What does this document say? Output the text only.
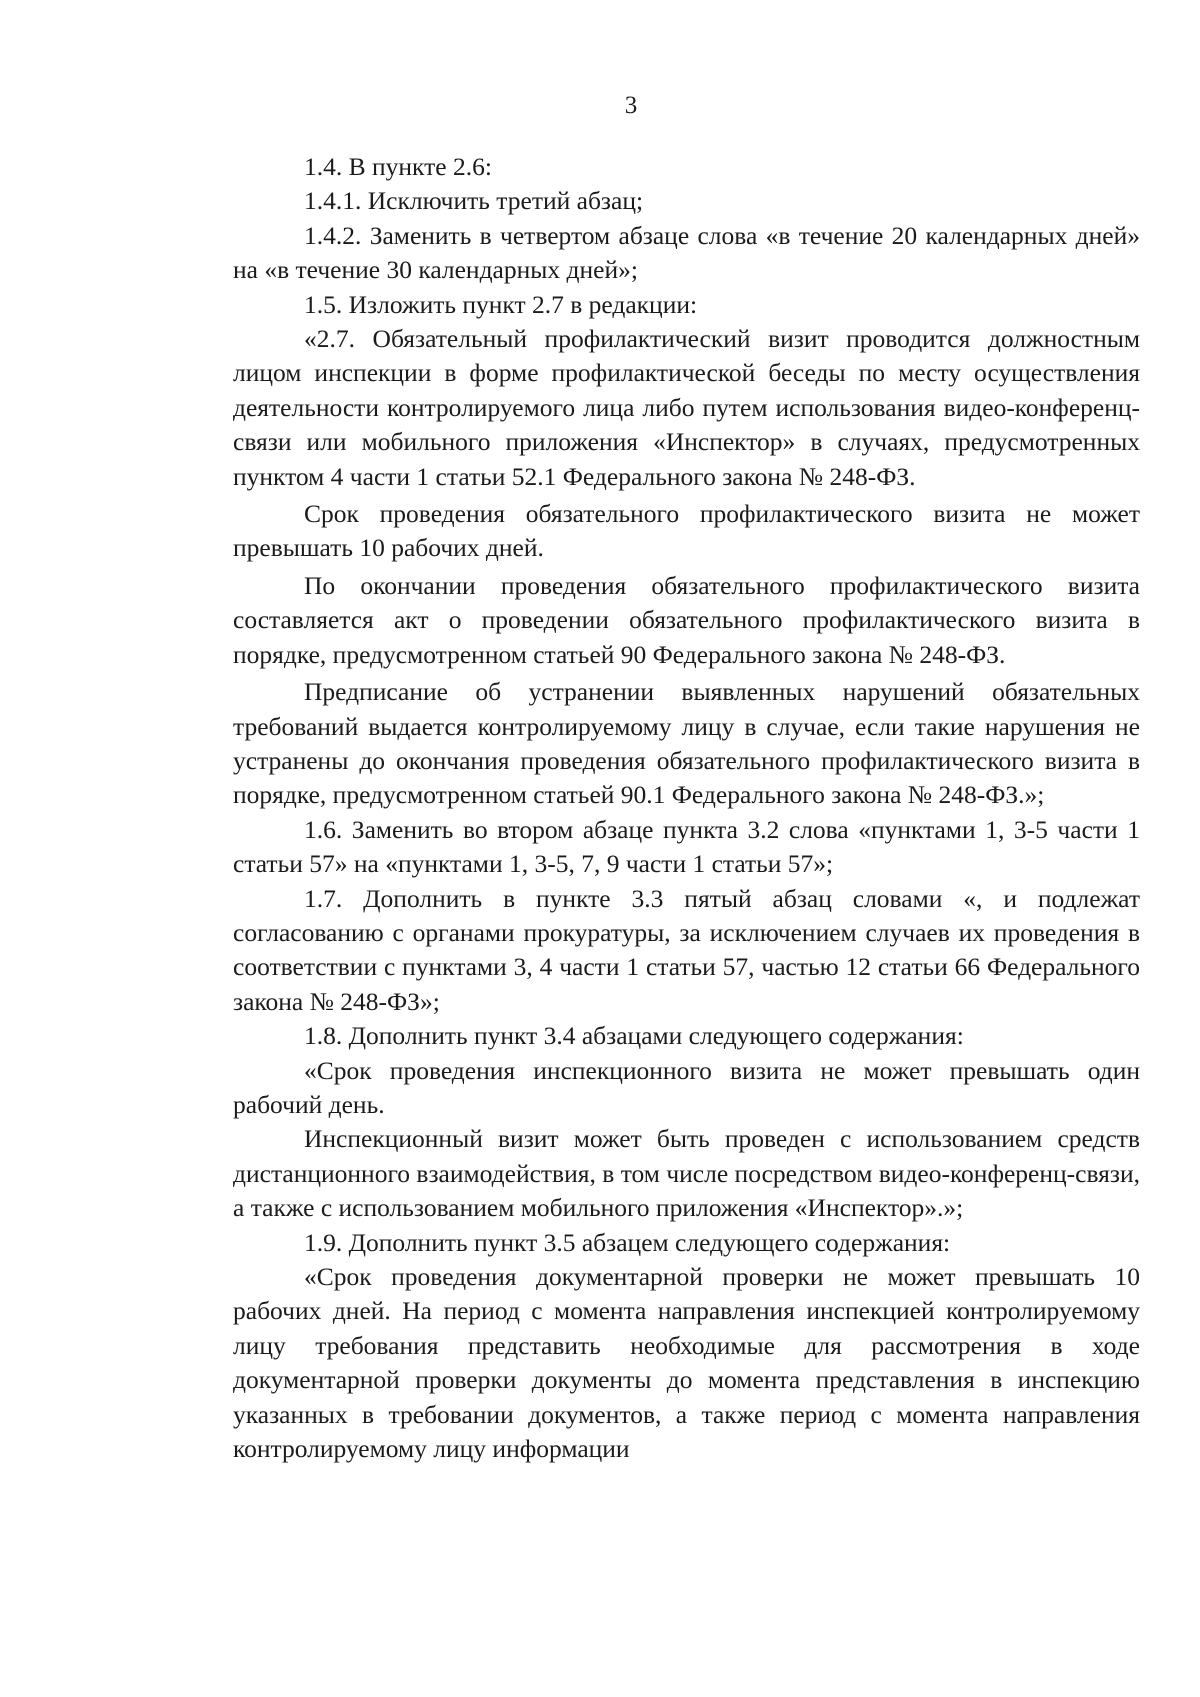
3

1.4. В пункте 2.6:

1.4.1. Исключить третий абзац;

1.4.2. Заменить в четвертом абзаце слова «в течение 20 календарных дней» на «в течение 30 календарных дней»;

1.5. Изложить пункт 2.7 в редакции:

«2.7. Обязательный профилактический визит проводится должностным лицом инспекции в форме профилактической беседы по месту осуществления деятельности контролируемого лица либо путем использования видео-конференц-связи или мобильного приложения «Инспектор» в случаях, предусмотренных пунктом 4 части 1 статьи 52.1 Федерального закона № 248-ФЗ.

Срок проведения обязательного профилактического визита не может превышать 10 рабочих дней.

По окончании проведения обязательного профилактического визита составляется акт о проведении обязательного профилактического визита в порядке, предусмотренном статьей 90 Федерального закона № 248-ФЗ.

Предписание об устранении выявленных нарушений обязательных требований выдается контролируемому лицу в случае, если такие нарушения не устранены до окончания проведения обязательного профилактического визита в порядке, предусмотренном статьей 90.1 Федерального закона № 248-ФЗ.»;

1.6. Заменить во втором абзаце пункта 3.2 слова «пунктами 1, 3-5 части 1 статьи 57» на «пунктами 1, 3-5, 7, 9 части 1 статьи 57»;

1.7. Дополнить в пункте 3.3 пятый абзац словами «, и подлежат согласованию с органами прокуратуры, за исключением случаев их проведения в соответствии с пунктами 3, 4 части 1 статьи 57, частью 12 статьи 66 Федерального закона № 248-ФЗ»;

1.8. Дополнить пункт 3.4 абзацами следующего содержания:

«Срок проведения инспекционного визита не может превышать один рабочий день.

Инспекционный визит может быть проведен с использованием средств дистанционного взаимодействия, в том числе посредством видео-конференц-связи, а также с использованием мобильного приложения «Инспектор».»;

1.9. Дополнить пункт 3.5 абзацем следующего содержания:

«Срок проведения документарной проверки не может превышать 10 рабочих дней. На период с момента направления инспекцией контролируемому лицу требования представить необходимые для рассмотрения в ходе документарной проверки документы до момента представления в инспекцию указанных в требовании документов, а также период с момента направления контролируемому лицу информации
